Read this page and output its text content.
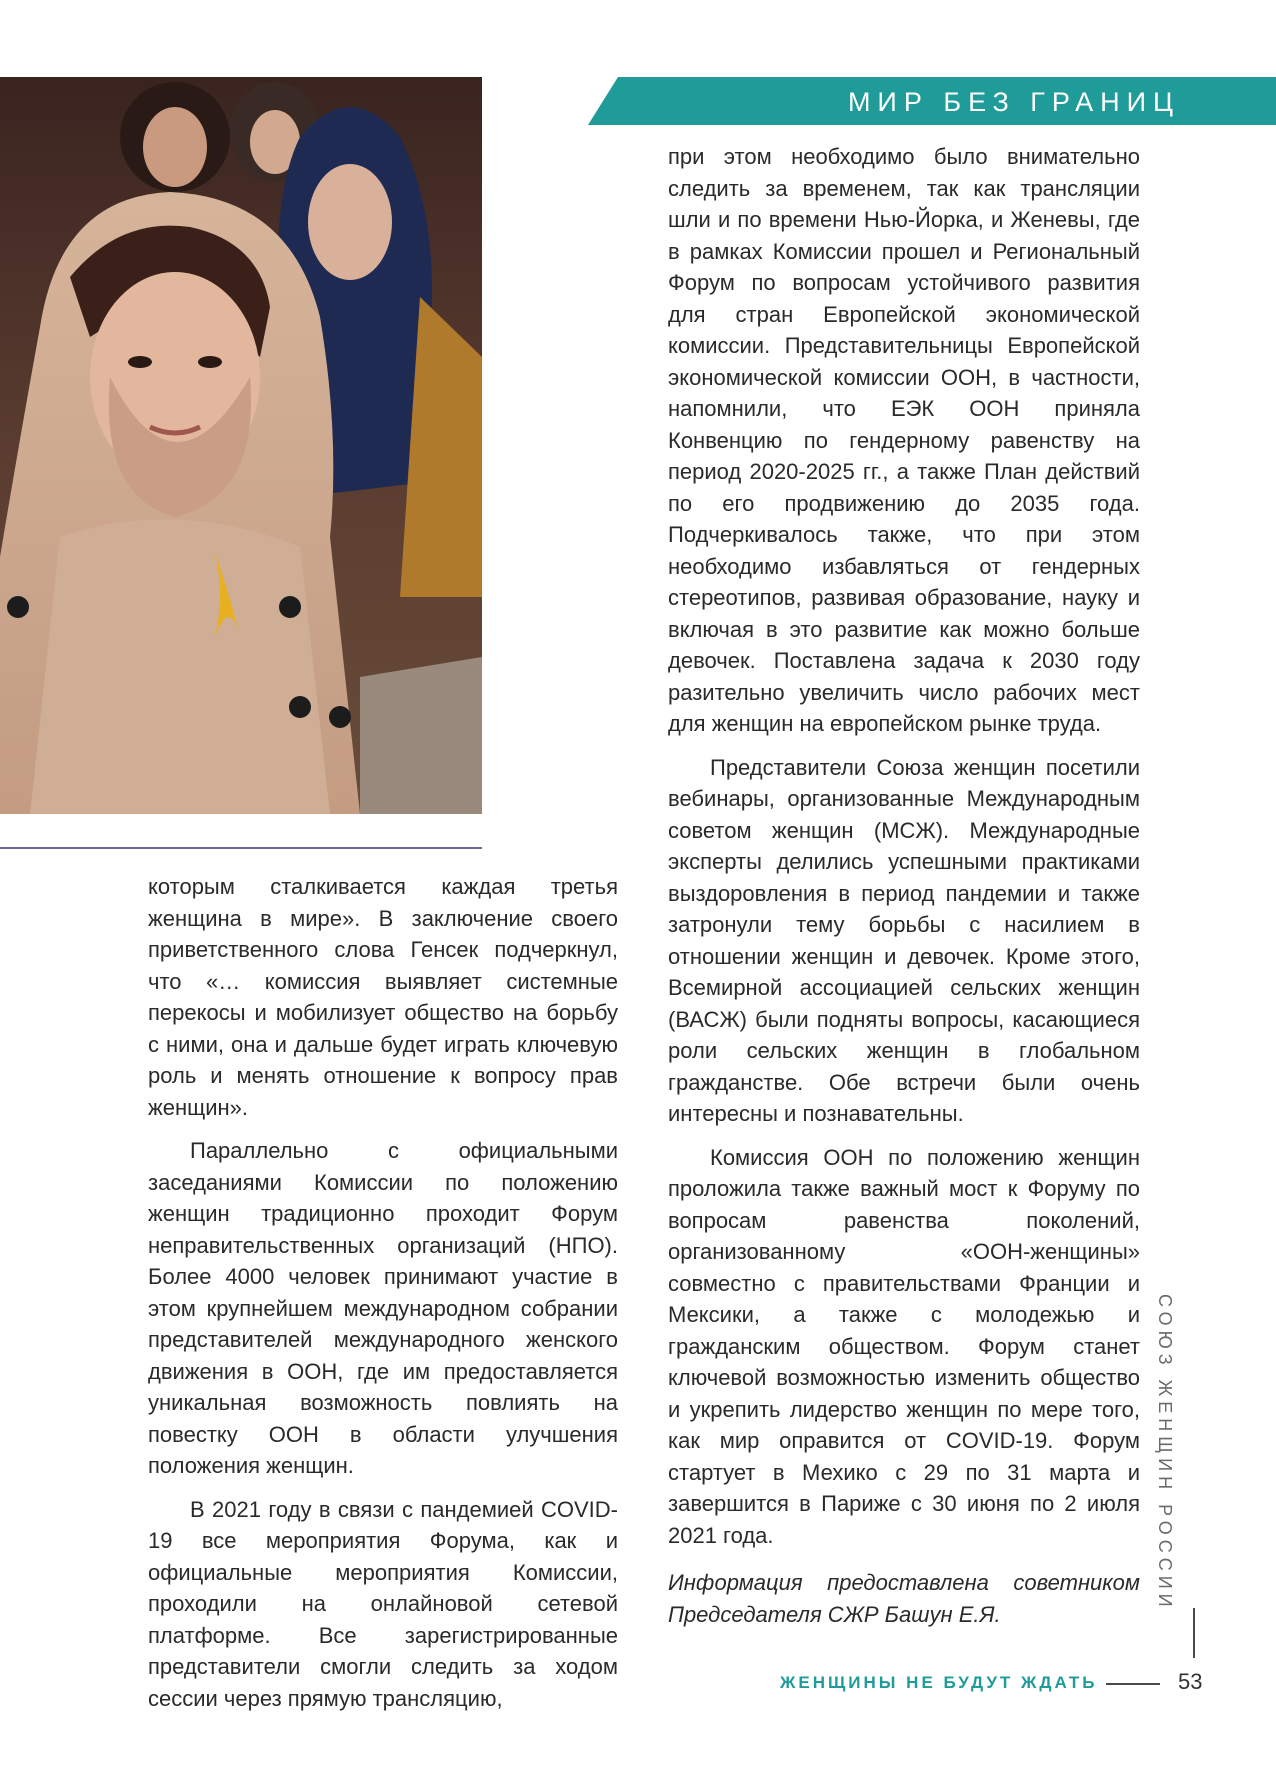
МИР БЕЗ ГРАНИЦ

которым сталкивается каждая третья женщина в мире». В заключение своего приветственного слова Генсек подчеркнул, что «… комиссия выявляет системные перекосы и мобилизует общество на борьбу с ними, она и дальше будет играть ключевую роль и менять отношение к вопросу прав женщин».

Параллельно с официальными заседаниями Комиссии по положению женщин традиционно проходит Форум неправительственных организаций (НПО). Более 4000 человек принимают участие в этом крупнейшем международном собрании представителей международного женского движения в ООН, где им предоставляется уникальная возможность повлиять на повестку ООН в области улучшения положения женщин.

В 2021 году в связи с пандемией COVID-19 все мероприятия Форума, как и официальные мероприятия Комиссии, проходили на онлайновой сетевой платформе. Все зарегистрированные представители смогли следить за ходом сессии через прямую трансляцию,

при этом необходимо было внимательно следить за временем, так как трансляции шли и по времени Нью-Йорка, и Женевы, где в рамках Комиссии прошел и Региональный Форум по вопросам устойчивого развития для стран Европейской экономической комиссии. Представительницы Европейской экономической комиссии ООН, в частности, напомнили, что ЕЭК ООН приняла Конвенцию по гендерному равенству на период 2020-2025 гг., а также План действий по его продвижению до 2035 года. Подчеркивалось также, что при этом необходимо избавляться от гендерных стереотипов, развивая образование, науку и включая в это развитие как можно больше девочек. Поставлена задача к 2030 году разительно увеличить число рабочих мест для женщин на европейском рынке труда.

Представители Союза женщин посетили вебинары, организованные Международным советом женщин (МСЖ). Международные эксперты делились успешными практиками выздоровления в период пандемии и также затронули тему борьбы с насилием в отношении женщин и девочек. Кроме этого, Всемирной ассоциацией сельских женщин (ВАСЖ) были подняты вопросы, касающиеся роли сельских женщин в глобальном гражданстве. Обе встречи были очень интересны и познавательны.

Комиссия ООН по положению женщин проложила также важный мост к Форуму по вопросам равенства поколений, организованному «ООН-женщины» совместно с правительствами Франции и Мексики, а также с молодежью и гражданским обществом. Форум станет ключевой возможностью изменить общество и укрепить лидерство женщин по мере того, как мир оправится от COVID-19. Форум стартует в Мехико с 29 по 31 марта и завершится в Париже с 30 июня по 2 июля 2021 года.

Информация предоставлена советником Председателя СЖР Башун Е.Я.

СОЮЗ ЖЕНЩИН РОССИИ
ЖЕНЩИНЫ НЕ БУДУТ ЖДАТЬ	53
